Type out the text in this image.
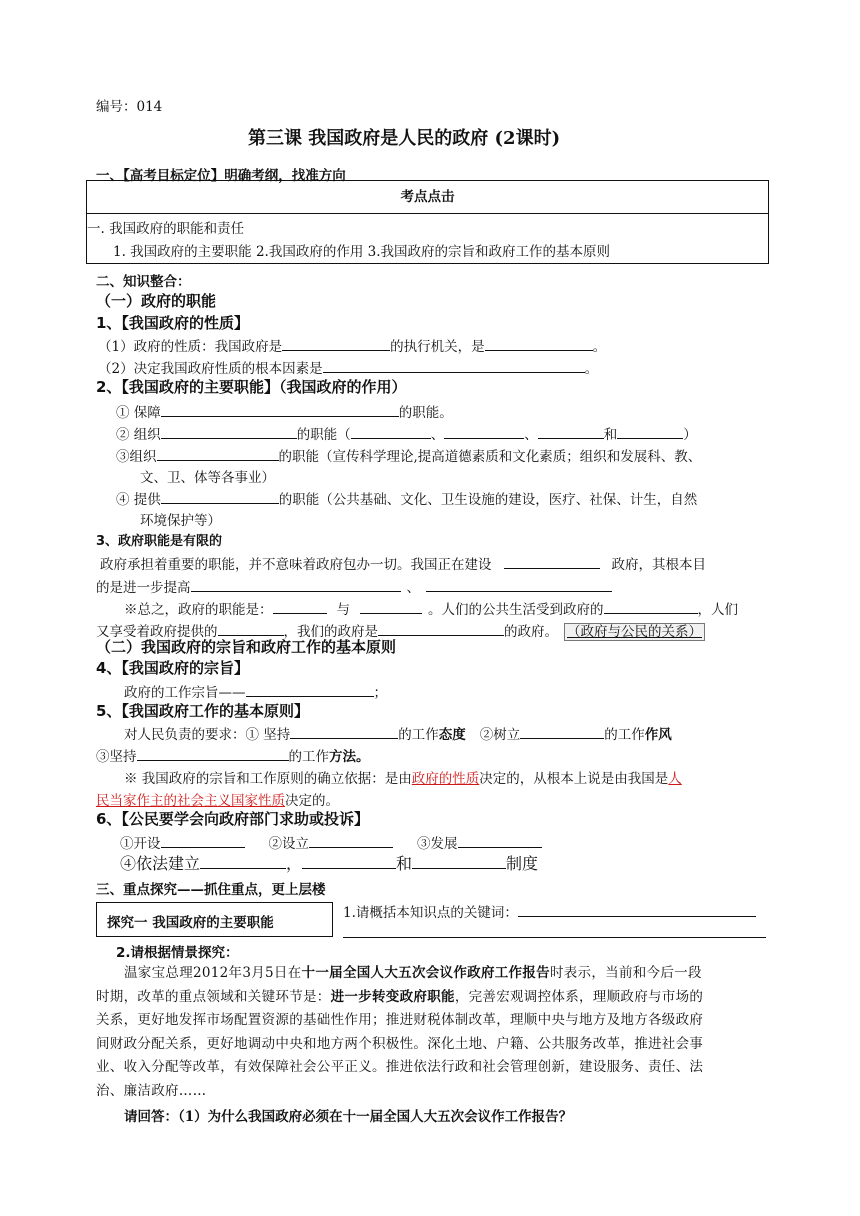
编号：014
第三课 我国政府是人民的政府 (2课时)
一、【高考目标定位】明确考纲，找准方向
考点点击
一. 我国政府的职能和责任
1. 我国政府的主要职能 2.我国政府的作用 3.我国政府的宗旨和政府工作的基本原则
二、知识整合：
（一）政府的职能
1、【我国政府的性质】
（1）政府的性质：我国政府是	的执行机关，是	。
（2）决定我国政府性质的根本因素是	。
2、【我国政府的主要职能】（我国政府的作用）
① 保障	的职能。
② 组织	的职能（	、	、	和	）
③组织	的职能（宣传科学理论,提高道德素质和文化素质；组织和发展科、教、
文、卫、体等各事业）
④ 提供	的职能（公共基础、文化、卫生设施的建设，医疗、社保、计生，自然
环境保护等）
3、政府职能是有限的
政府承担着重要的职能，并不意味着政府包办一切。我国正在建设	政府，其根本目
的是进一步提高	、
※总之，政府的职能是：	与	。人们的公共生活受到政府的	，人们
又享受着政府提供的	，我们的政府是	的政府。 （政府与公民的关系）
（二）我国政府的宗旨和政府工作的基本原则
4、【我国政府的宗旨】
政府的工作宗旨——	；
5、【我国政府工作的基本原则】
对人民负责的要求：① 坚持	的工作态度 ②树立	的工作作风
③坚持	的工作方法。
※ 我国政府的宗旨和工作原则的确立依据：是由政府的性质决定的，从根本上说是由我国是人
民当家作主的社会主义国家性质决定的。
6、【公民要学会向政府部门求助或投诉】
①开设	②设立	③发展
④依法建立	，	和	制度
三、重点探究——抓住重点，更上层楼
探究一 我国政府的主要职能
1.请概括本知识点的关键词：
2.请根据情景探究：
温家宝总理2012年3月5日在十一届全国人大五次会议作政府工作报告时表示，当前和今后一段
时期，改革的重点领域和关键环节是：进一步转变政府职能，完善宏观调控体系，理顺政府与市场的
关系，更好地发挥市场配置资源的基础性作用；推进财税体制改革，理顺中央与地方及地方各级政府
间财政分配关系，更好地调动中央和地方两个积极性。深化土地、户籍、公共服务改革，推进社会事
业、收入分配等改革，有效保障社会公平正义。推进依法行政和社会管理创新，建设服务、责任、法
治、廉洁政府……
请回答：（1）为什么我国政府必须在十一届全国人大五次会议作工作报告？
